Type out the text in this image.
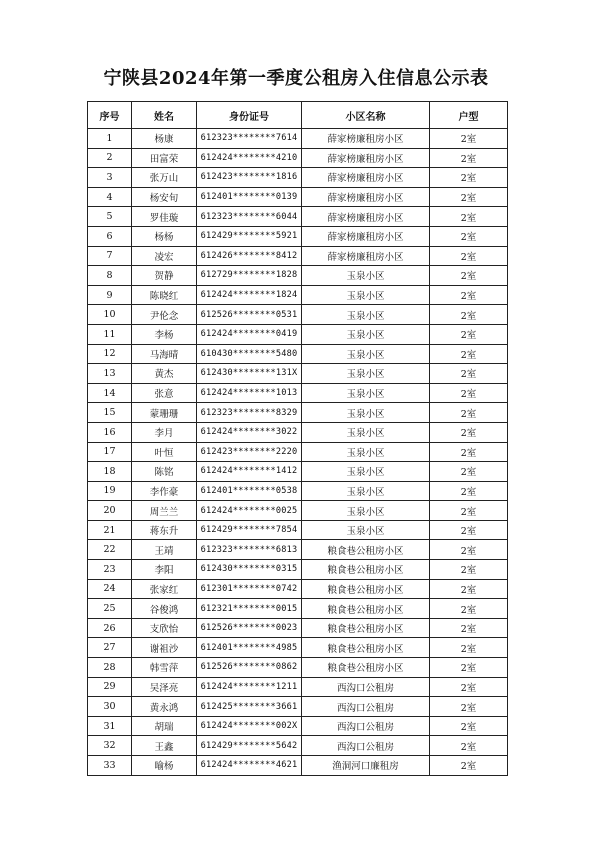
宁陕县2024年第一季度公租房入住信息公示表
序号	姓名	身份证号	小区名称	户型
1	杨康	612323********7614	薛家榜廉租房小区	2室
2	田富荣	612424********4210	薛家榜廉租房小区	2室
3	张万山	612423********1816	薛家榜廉租房小区	2室
4	杨安旬	612401********0139	薛家榜廉租房小区	2室
5	罗佳璇	612323********6044	薛家榜廉租房小区	2室
6	杨杨	612429********5921	薛家榜廉租房小区	2室
7	凌宏	612426********8412	薛家榜廉租房小区	2室
8	贺静	612729********1828	玉泉小区	2室
9	陈晓红	612424********1824	玉泉小区	2室
10	尹伦念	612526********0531	玉泉小区	2室
11	李杨	612424********0419	玉泉小区	2室
12	马海晴	610430********5480	玉泉小区	2室
13	黄杰	612430********131X	玉泉小区	2室
14	张意	612424********1013	玉泉小区	2室
15	蒙珊珊	612323********8329	玉泉小区	2室
16	李月	612424********3022	玉泉小区	2室
17	叶恒	612423********2220	玉泉小区	2室
18	陈铭	612424********1412	玉泉小区	2室
19	李作豪	612401********0538	玉泉小区	2室
20	周兰兰	612424********0025	玉泉小区	2室
21	蒋东升	612429********7854	玉泉小区	2室
22	王靖	612323********6813	粮食巷公租房小区	2室
23	李阳	612430********0315	粮食巷公租房小区	2室
24	张家红	612301********0742	粮食巷公租房小区	2室
25	谷俊鸿	612321********0015	粮食巷公租房小区	2室
26	支欣怡	612526********0023	粮食巷公租房小区	2室
27	谢祖沙	612401********4985	粮食巷公租房小区	2室
28	韩雪萍	612526********0862	粮食巷公租房小区	2室
29	吴泽亮	612424********1211	西沟口公租房	2室
30	黄永鸿	612425********3661	西沟口公租房	2室
31	胡瑞	612424********002X	西沟口公租房	2室
32	王鑫	612429********5642	西沟口公租房	2室
33	喻杨	612424********4621	渔洞河口廉租房	2室
